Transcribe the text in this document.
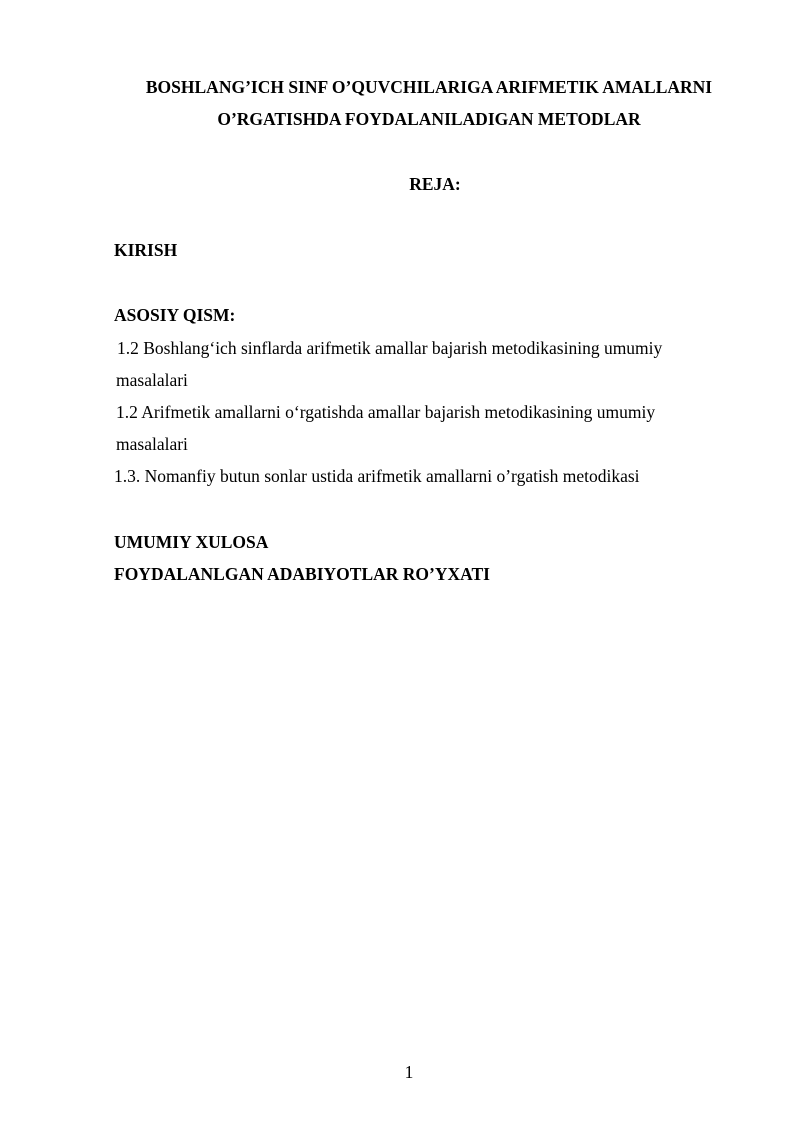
BOSHLANG’ICH SINF O’QUVCHILARIGA ARIFMETIK AMALLARNI
O’RGATISHDA FOYDALANILADIGAN METODLAR
REJA:
KIRISH
ASOSIY QISM:
1.2 Boshlang‘ich sinflarda arifmetik amallar bajarish metodikasining umumiy
masalalari
1.2 Arifmetik amallarni o‘rgatishda amallar bajarish metodikasining umumiy
masalalari
1.3. Nomanfiy butun sonlar ustida arifmetik amallarni o’rgatish metodikasi
UMUMIY XULOSA
FOYDALANLGAN ADABIYOTLAR RO’YXATI
1
